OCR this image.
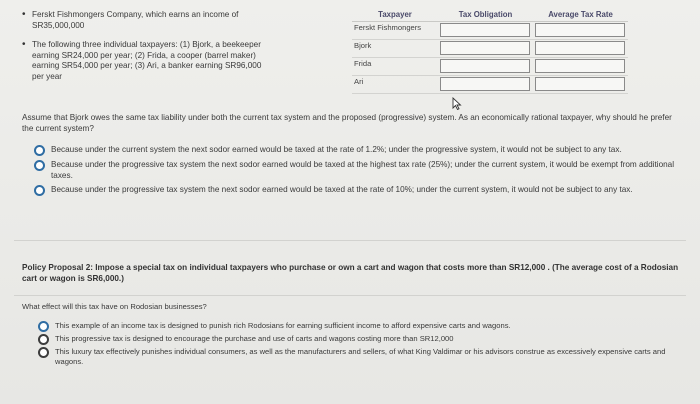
• Ferskt Fishmongers Company, which earns an income of
SR35,000,000
• The following three individual taxpayers: (1) Bjork, a beekeeper
earning SR24,000 per year; (2) Frida, a cooper (barrel maker)
earning SR54,000 per year; (3) Ari, a banker earning SR96,000
per year
Taxpayer	Tax Obligation	Average Tax Rate
Ferskt Fishmongers		
Bjork		
Frida		
Ari		
Assume that Bjork owes the same tax liability under both the current tax system and the proposed (progressive) system. As an economically rational taxpayer, why should he prefer the current system?
Because under the current system the next sodor earned would be taxed at the rate of 1.2%; under the progressive system, it would not be subject to any tax.
Because under the progressive tax system the next sodor earned would be taxed at the highest tax rate (25%); under the current system, it would be exempt from additional taxes.
Because under the progressive tax system the next sodor earned would be taxed at the rate of 10%; under the current system, it would not be subject to any tax.
Policy Proposal 2: Impose a special tax on individual taxpayers who purchase or own a cart and wagon that costs more than SR12,000 . (The average cost of a Rodosian cart or wagon is SR6,000.)
What effect will this tax have on Rodosian businesses?
This example of an income tax is designed to punish rich Rodosians for earning sufficient income to afford expensive carts and wagons.
This progressive tax is designed to encourage the purchase and use of carts and wagons costing more than SR12,000
This luxury tax effectively punishes individual consumers, as well as the manufacturers and sellers, of what King Valdimar or his advisors construe as excessively expensive carts and wagons.
